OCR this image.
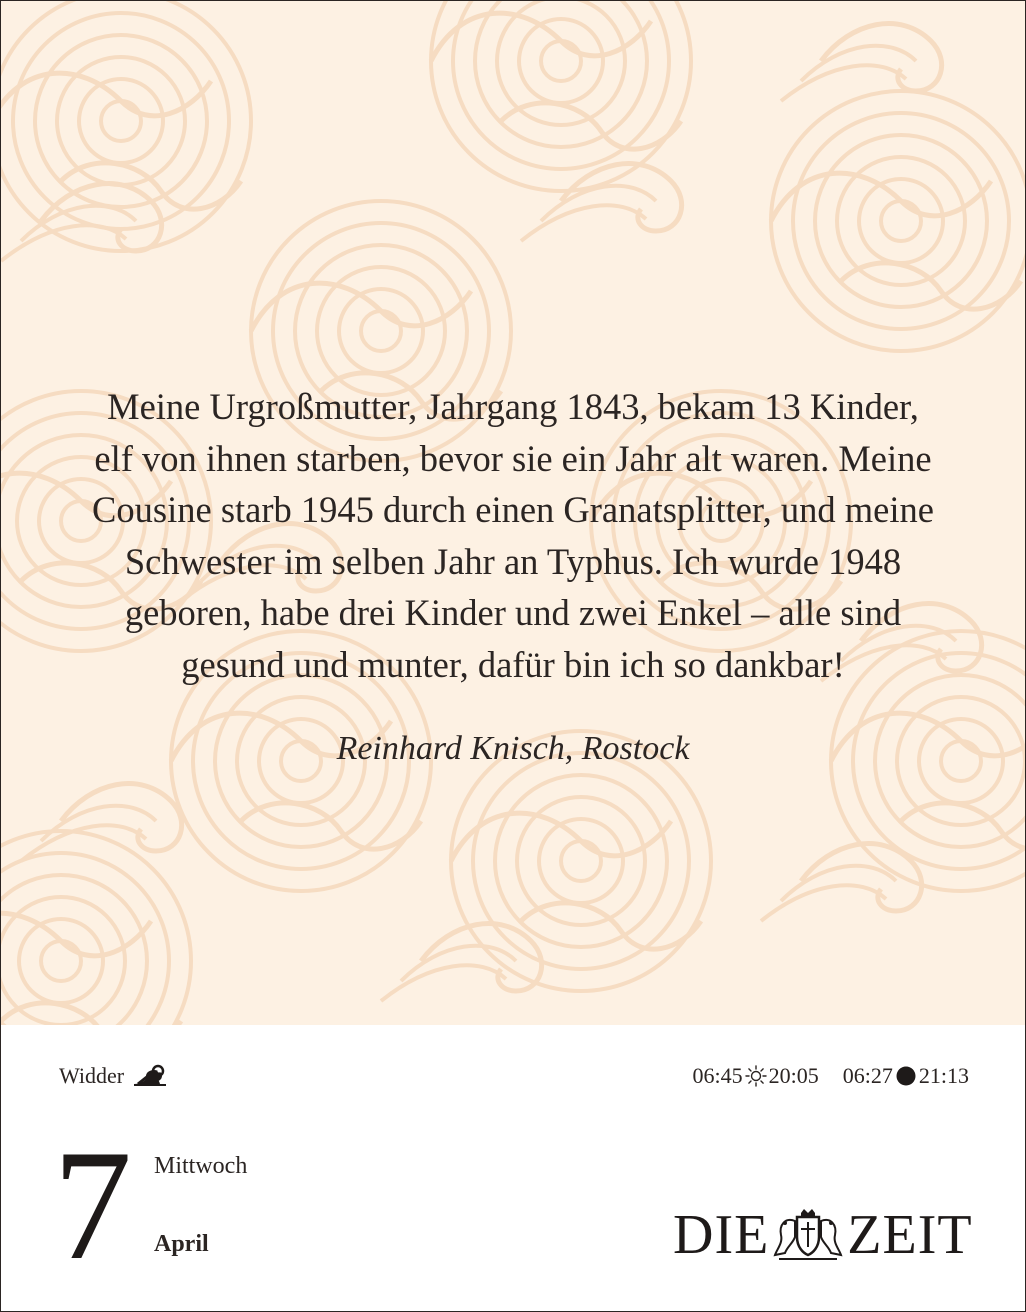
Meine Urgroßmutter, Jahrgang 1843, bekam 13 Kinder,
elf von ihnen starben, bevor sie ein Jahr alt waren. Meine
Cousine starb 1945 durch einen Granatsplitter, und meine
Schwester im selben Jahr an Typhus. Ich wurde 1948
geboren, habe drei Kinder und zwei Enkel – alle sind
gesund und munter, dafür bin ich so dankbar!

Reinhard Knisch, Rostock

Widder	06:45 20:05 06:27 21:13
7 Mittwoch
April	DIE ZEIT
